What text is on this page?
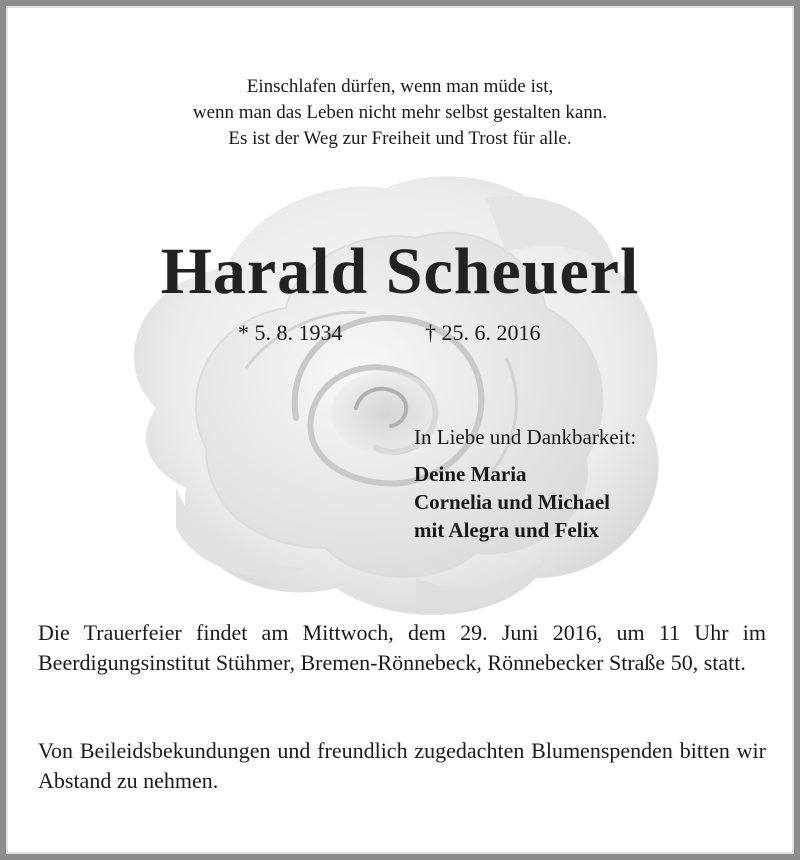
Einschlafen dürfen, wenn man müde ist,
wenn man das Leben nicht mehr selbst gestalten kann.
Es ist der Weg zur Freiheit und Trost für alle.
Harald Scheuerl
* 5. 8. 1934	† 25. 6. 2016
In Liebe und Dankbarkeit:
Deine Maria
Cornelia und Michael
mit Alegra und Felix
Die Trauerfeier findet am Mittwoch, dem 29. Juni 2016, um 11 Uhr im Beerdigungsinstitut Stühmer, Bremen-Rönnebeck, Rönnebecker Straße 50, statt.
Von Beileidsbekundungen und freundlich zugedachten Blumenspenden bitten wir Abstand zu nehmen.
